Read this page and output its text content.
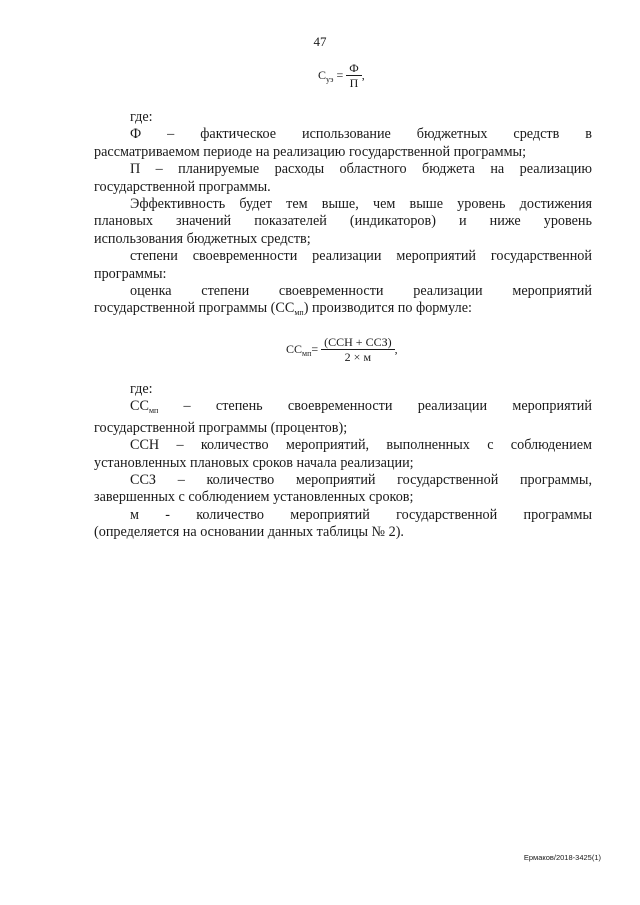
47
$С_{уэ} = \frac{Ф}{П}$ ,

где:

Ф – фактическое использование бюджетных средств в

рассматриваемом периоде на реализацию государственной программы;

П – планируемые расходы областного бюджета на реализацию

государственной программы.

Эффективность будет тем выше, чем выше уровень достижения

плановых значений показателей (индикаторов) и ниже уровень

использования бюджетных средств;

степени своевременности реализации мероприятий государственной

программы:

оценка степени своевременности реализации мероприятий

государственной программы $(СС_{мп})$ производится по формуле:

$СС_{мп}= \frac{\text{(ССН + ССЗ)}}{2 \times м}$ ,

где:

$СС_{мп}$ – степень своевременности реализации мероприятий

государственной программы (процентов);

ССН – количество мероприятий, выполненных с соблюдением

установленных плановых сроков начала реализации;

ССЗ – количество мероприятий государственной программы,

завершенных с соблюдением установленных сроков;

м - количество мероприятий государственной программы

(определяется на основании данных таблицы № 2).

Ермаков/2018-3425(1)
